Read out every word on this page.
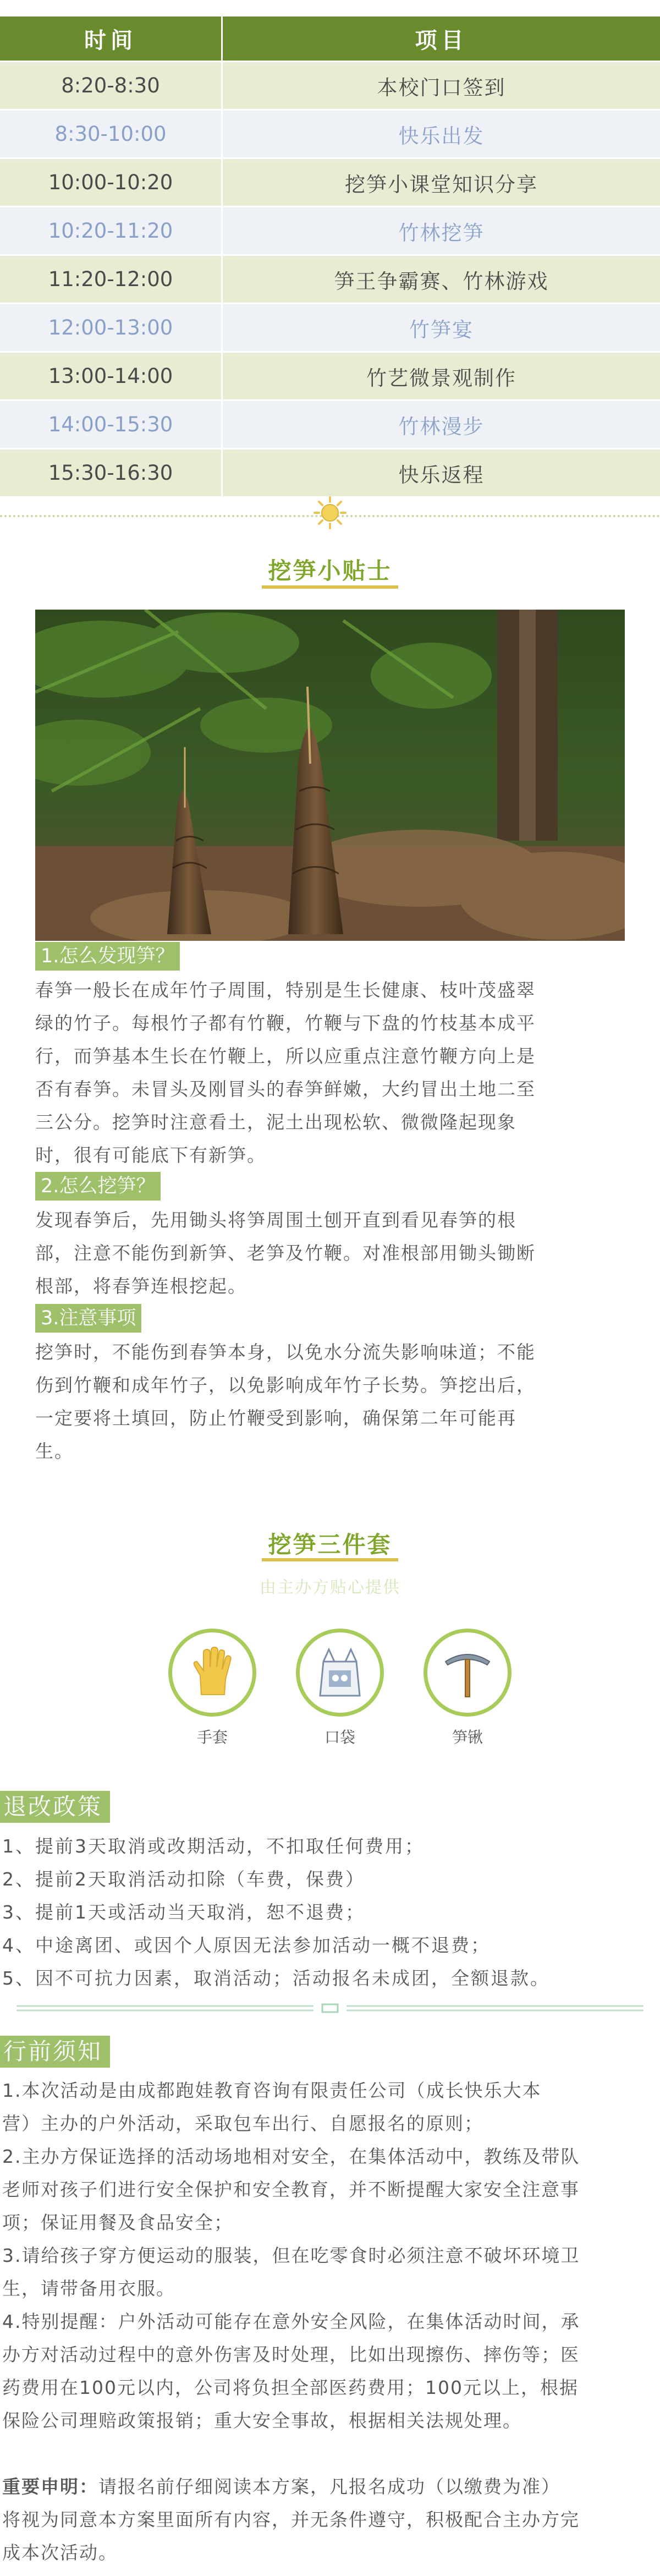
时间	项目
8:20-8:30	本校门口签到
8:30-10:00	快乐出发
10:00-10:20	挖笋小课堂知识分享
10:20-11:20	竹林挖笋
11:20-12:00	笋王争霸赛、竹林游戏
12:00-13:00	竹笋宴
13:00-14:00	竹艺微景观制作
14:00-15:30	竹林漫步
15:30-16:30	快乐返程
挖笋小贴士
1.怎么发现笋？
春笋一般长在成年竹子周围，特别是生长健康、枝叶茂盛翠
绿的竹子。每根竹子都有竹鞭，竹鞭与下盘的竹枝基本成平
行，而笋基本生长在竹鞭上，所以应重点注意竹鞭方向上是
否有春笋。未冒头及刚冒头的春笋鲜嫩，大约冒出土地二至
三公分。挖笋时注意看土，泥土出现松软、微微隆起现象
时，很有可能底下有新笋。
2.怎么挖笋？
发现春笋后，先用锄头将笋周围土刨开直到看见春笋的根
部，注意不能伤到新笋、老笋及竹鞭。对准根部用锄头锄断
根部，将春笋连根挖起。
3.注意事项
挖笋时，不能伤到春笋本身，以免水分流失影响味道；不能
伤到竹鞭和成年竹子，以免影响成年竹子长势。笋挖出后，
一定要将土填回，防止竹鞭受到影响，确保第二年可能再
生。
挖笋三件套
由主办方贴心提供
手套	口袋	笋锹
退改政策
1、提前3天取消或改期活动，不扣取任何费用；
2、提前2天取消活动扣除（车费，保费）
3、提前1天或活动当天取消，恕不退费；
4、中途离团、或因个人原因无法参加活动一概不退费；
5、因不可抗力因素，取消活动；活动报名未成团，全额退款。
行前须知
1.本次活动是由成都跑娃教育咨询有限责任公司（成长快乐大本
营）主办的户外活动，采取包车出行、自愿报名的原则；
2.主办方保证选择的活动场地相对安全，在集体活动中，教练及带队
老师对孩子们进行安全保护和安全教育，并不断提醒大家安全注意事
项；保证用餐及食品安全；
3.请给孩子穿方便运动的服装，但在吃零食时必须注意不破坏环境卫
生，请带备用衣服。
4.特别提醒：户外活动可能存在意外安全风险，在集体活动时间，承
办方对活动过程中的意外伤害及时处理，比如出现擦伤、摔伤等；医
药费用在100元以内，公司将负担全部医药费用；100元以上，根据
保险公司理赔政策报销；重大安全事故，根据相关法规处理。
重要申明：请报名前仔细阅读本方案，凡报名成功（以缴费为准）
将视为同意本方案里面所有内容，并无条件遵守，积极配合主办方完
成本次活动。
